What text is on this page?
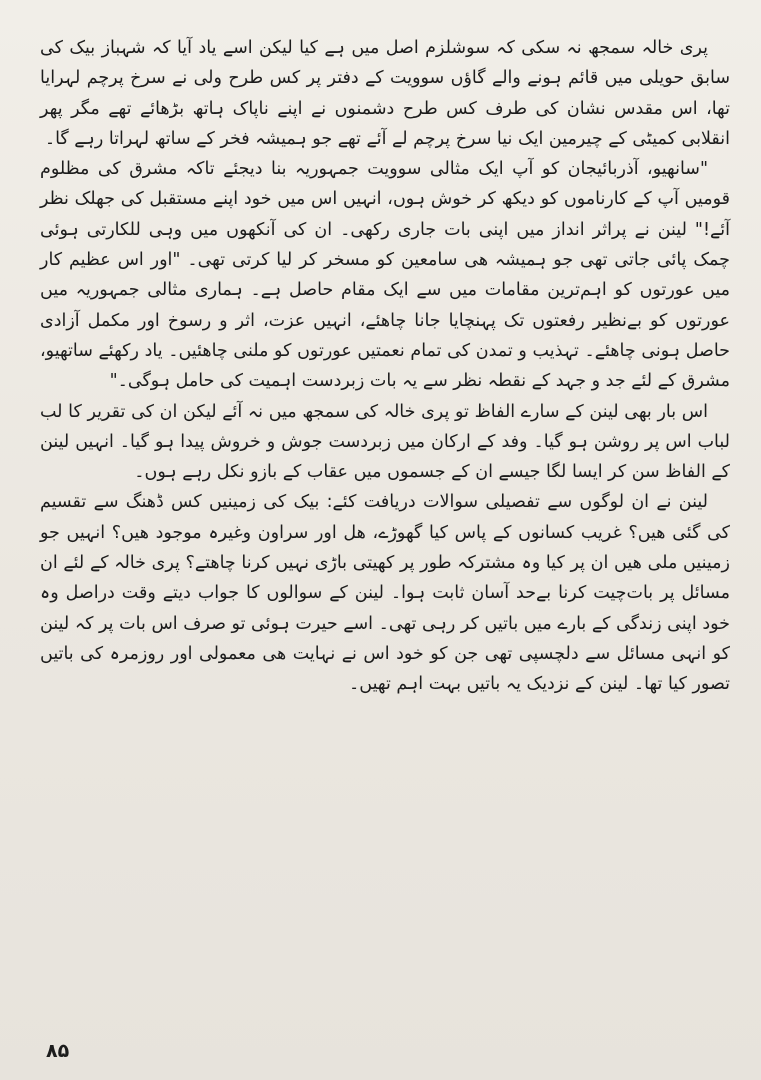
پری خالہ سمجھ نہ سکی کہ سوشلزم اصل میں ہے کیا لیکن اسے یاد آیا کہ شہباز بیک کی سابق حویلی میں قائم ہونے والے گاؤں سوویت کے دفتر پر کس طرح ولی نے سرخ پرچم لہرایا تھا، اس مقدس نشان کی طرف کس طرح دشمنوں نے اپنے ناپاک ہاتھ بڑھائے تھے مگر پھر انقلابی کمیٹی کے چیرمین ایک نیا سرخ پرچم لے آئے تھے جو ہمیشہ فخر کے ساتھ لہراتا رہے گا۔

"سانھیو، آذربائیجان کو آپ ایک مثالی سوویت جمہوریہ بنا دیجئے تاکہ مشرق کی مظلوم قومیں آپ کے کارناموں کو دیکھ کر خوش ہوں، انہیں اس میں خود اپنے مستقبل کی جھلک نظر آئے!" لینن نے پراثر انداز میں اپنی بات جاری رکھی۔ ان کی آنکھوں میں وہی للکارتی ہوئی چمک پائی جاتی تھی جو ہمیشہ ھی سامعین کو مسخر کر لیا کرتی تھی۔ "اور اس عظیم کار میں عورتوں کو اہم‌ترین مقامات میں سے ایک مقام حاصل ہے۔ ہماری مثالی جمہوریہ میں عورتوں کو بےنظیر رفعتوں تک پہنچایا جانا چاھئے، انہیں عزت، اثر و رسوخ اور مکمل آزادی حاصل ہونی چاھئے۔ تہذیب و تمدن کی تمام نعمتیں عورتوں کو ملنی چاھئیں۔ یاد رکھئے ساتھیو، مشرق کے لئے جد و جہد کے نقطہ نظر سے یہ بات زبردست اہمیت کی حامل ہوگی۔"

اس بار بھی لینن کے سارے الفاظ تو پری خالہ کی سمجھ میں نہ آئے لیکن ان کی تقریر کا لب لباب اس پر روشن ہو گیا۔ وفد کے ارکان میں زبردست جوش و خروش پیدا ہو گیا۔ انہیں لینن کے الفاظ سن کر ایسا لگا جیسے ان کے جسموں میں عقاب کے بازو نکل رہے ہوں۔

لینن نے ان لوگوں سے تفصیلی سوالات دریافت کئے: بیک کی زمینیں کس ڈھنگ سے تقسیم کی گئی ھیں؟ غریب کسانوں کے پاس کیا گھوڑے، ھل اور سراون وغیرہ موجود ھیں؟ انہیں جو زمینیں ملی ھیں ان پر کیا وہ مشترکہ طور پر کھیتی باڑی نہیں کرنا چاھتے؟ پری خالہ کے لئے ان مسائل پر بات‌چیت کرنا بےحد آسان ثابت ہوا۔ لینن کے سوالوں کا جواب دیتے وقت دراصل وہ خود اپنی زندگی کے بارے میں باتیں کر رہی تھی۔ اسے حیرت ہوئی تو صرف اس بات پر کہ لینن کو انہی مسائل سے دلچسپی تھی جن کو خود اس نے نہایت ھی معمولی اور روزمرہ کی باتیں تصور کیا تھا۔ لینن کے نزدیک یہ باتیں بہت اہم تھیں۔

۸۵
